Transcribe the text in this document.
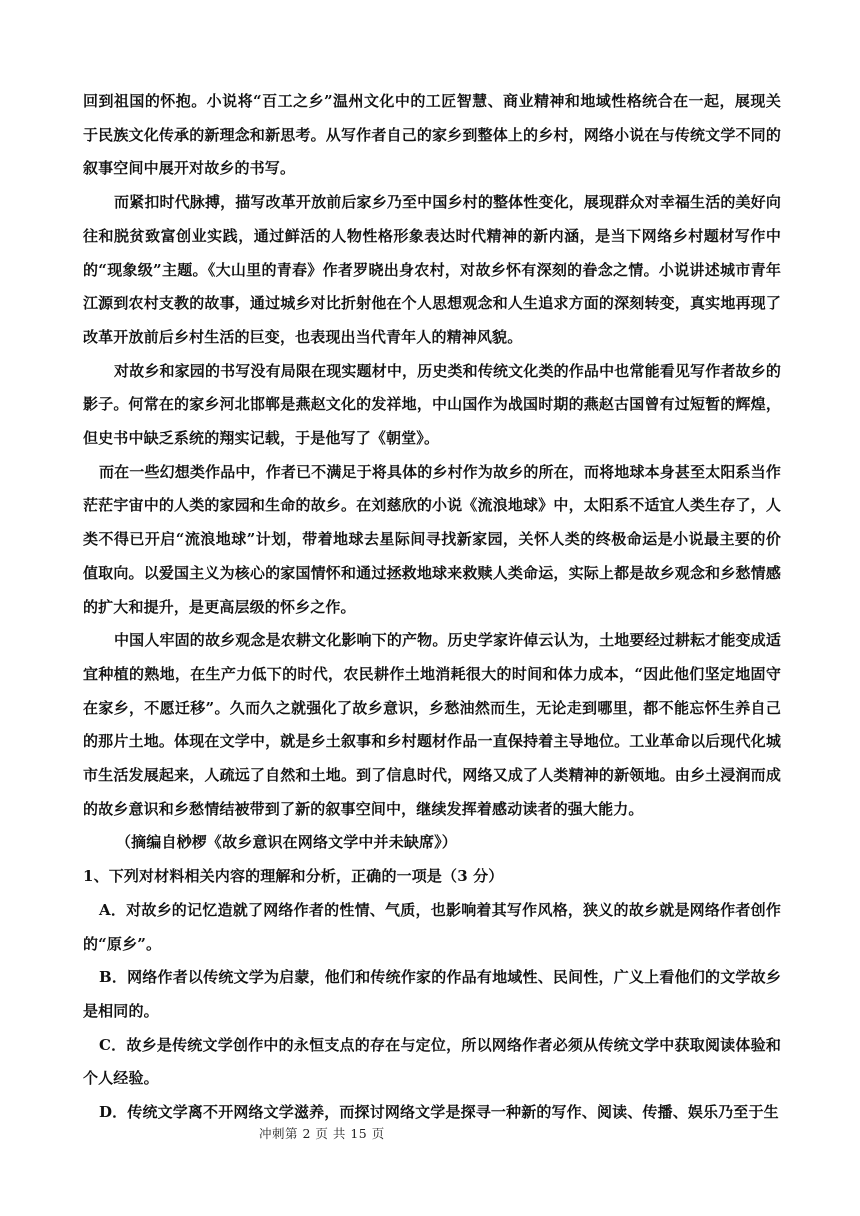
回到祖国的怀抱。小说将“百工之乡”温州文化中的工匠智慧、商业精神和地域性格统合在一起，展现关于民族文化传承的新理念和新思考。从写作者自己的家乡到整体上的乡村，网络小说在与传统文学不同的叙事空间中展开对故乡的书写。

而紧扣时代脉搏，描写改革开放前后家乡乃至中国乡村的整体性变化，展现群众对幸福生活的美好向往和脱贫致富创业实践，通过鲜活的人物性格形象表达时代精神的新内涵，是当下网络乡村题材写作中的“现象级”主题。《大山里的青春》作者罗晓出身农村，对故乡怀有深刻的眷念之情。小说讲述城市青年江源到农村支教的故事，通过城乡对比折射他在个人思想观念和人生追求方面的深刻转变，真实地再现了改革开放前后乡村生活的巨变，也表现出当代青年人的精神风貌。

对故乡和家园的书写没有局限在现实题材中，历史类和传统文化类的作品中也常能看见写作者故乡的影子。何常在的家乡河北邯郸是燕赵文化的发祥地，中山国作为战国时期的燕赵古国曾有过短暂的辉煌，但史书中缺乏系统的翔实记载，于是他写了《朝堂》。

而在一些幻想类作品中，作者已不满足于将具体的乡村作为故乡的所在，而将地球本身甚至太阳系当作茫茫宇宙中的人类的家园和生命的故乡。在刘慈欣的小说《流浪地球》中，太阳系不适宜人类生存了，人类不得已开启“流浪地球”计划，带着地球去星际间寻找新家园，关怀人类的终极命运是小说最主要的价值取向。以爱国主义为核心的家国情怀和通过拯救地球来救赎人类命运，实际上都是故乡观念和乡愁情感的扩大和提升，是更高层级的怀乡之作。

中国人牢固的故乡观念是农耕文化影响下的产物。历史学家许倬云认为，土地要经过耕耘才能变成适宜种植的熟地，在生产力低下的时代，农民耕作土地消耗很大的时间和体力成本，“因此他们坚定地固守在家乡，不愿迁移”。久而久之就强化了故乡意识，乡愁油然而生，无论走到哪里，都不能忘怀生养自己的那片土地。体现在文学中，就是乡土叙事和乡村题材作品一直保持着主导地位。工业革命以后现代化城市生活发展起来，人疏远了自然和土地。到了信息时代，网络又成了人类精神的新领地。由乡土浸润而成的故乡意识和乡愁情结被带到了新的叙事空间中，继续发挥着感动读者的强大能力。

（摘编自桫椤《故乡意识在网络文学中并未缺席》）

1、下列对材料相关内容的理解和分析，正确的一项是（3 分）

A．对故乡的记忆造就了网络作者的性情、气质，也影响着其写作风格，狭义的故乡就是网络作者创作的“原乡”。

B．网络作者以传统文学为启蒙，他们和传统作家的作品有地域性、民间性，广义上看他们的文学故乡是相同的。

C．故乡是传统文学创作中的永恒支点的存在与定位，所以网络作者必须从传统文学中获取阅读体验和个人经验。

D．传统文学离不开网络文学滋养，而探讨网络文学是探寻一种新的写作、阅读、传播、娱乐乃至于生

冲刺第 2 页 共 15 页
